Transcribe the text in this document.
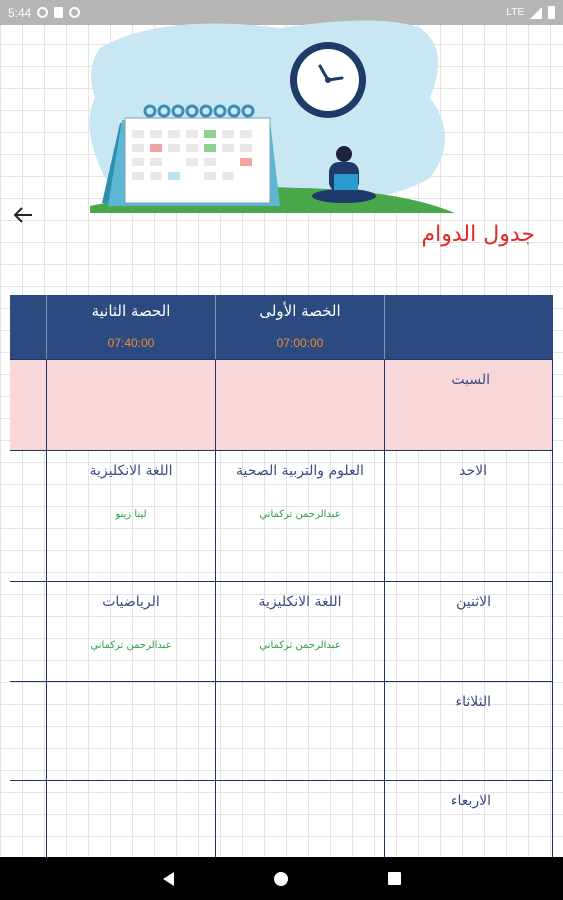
5:44	LTE
جدول الدوام
الخصة الأولى
07:00:00
الحصة الثانية
07:40:00
السبت
الاحد
العلوم والتربية الصحية
عبدالرحمن تركماني
اللغة الانكليزية
لينا زينو
الاثنين
اللغة الانكليزية
عبدالرحمن تركماني
الرياضيات
عبدالرحمن تركماني
الثلاثاء
الاربعاء
